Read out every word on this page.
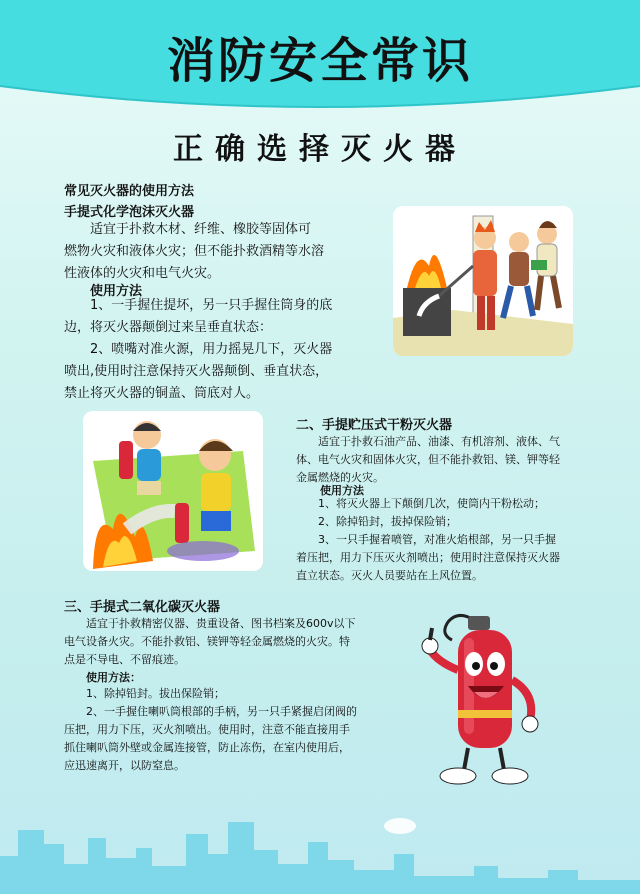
消防安全常识
正确选择灭火器
常见灭火器的使用方法
手提式化学泡沫灭火器
适宜于扑救木材、纤维、橡胶等固体可
燃物火灾和液体火灾；但不能扑救酒精等水溶
性液体的火灾和电气火灾。
使用方法
1、一手握住提坏，另一只手握住筒身的底
边，将灭火器颠倒过来呈垂直状态：
2、喷嘴对准火源，用力摇晃几下，灭火器
喷出,使用时注意保持灭火器颠倒、垂直状态，
禁止将灭火器的铜盖、筒底对人。
二、手提贮压式干粉灭火器
适宜于扑救石油产品、油漆、有机溶剂、液体、气
体、电气火灾和固体火灾，但不能扑救铝、镁、钾等轻
金属燃烧的火灾。
使用方法
1、将灭火器上下颠倒几次，使筒内干粉松动；
2、除掉铅封，拔掉保险销；
3、一只手握着喷管，对准火焰根部，另一只手握
着压把，用力下压灭火剂喷出；使用时注意保持灭火器
直立状态。灭火人员要站在上风位置。
三、手提式二氧化碳灭火器
适宜于扑救精密仪器、贵重设备、图书档案及600v以下
电气设备火灾。不能扑救铝、镁钾等轻金属燃烧的火灾。特
点是不导电、不留痕迹。
使用方法：
1、除掉铅封。拔出保险销；
2、一手握住喇叭筒根部的手柄，另一只手紧握启闭阀的
压把，用力下压，灭火剂喷出。使用时，注意不能直接用手
抓住喇叭筒外壁或金属连接管，防止冻伤，在室内使用后，
应迅速离开，以防窒息。
